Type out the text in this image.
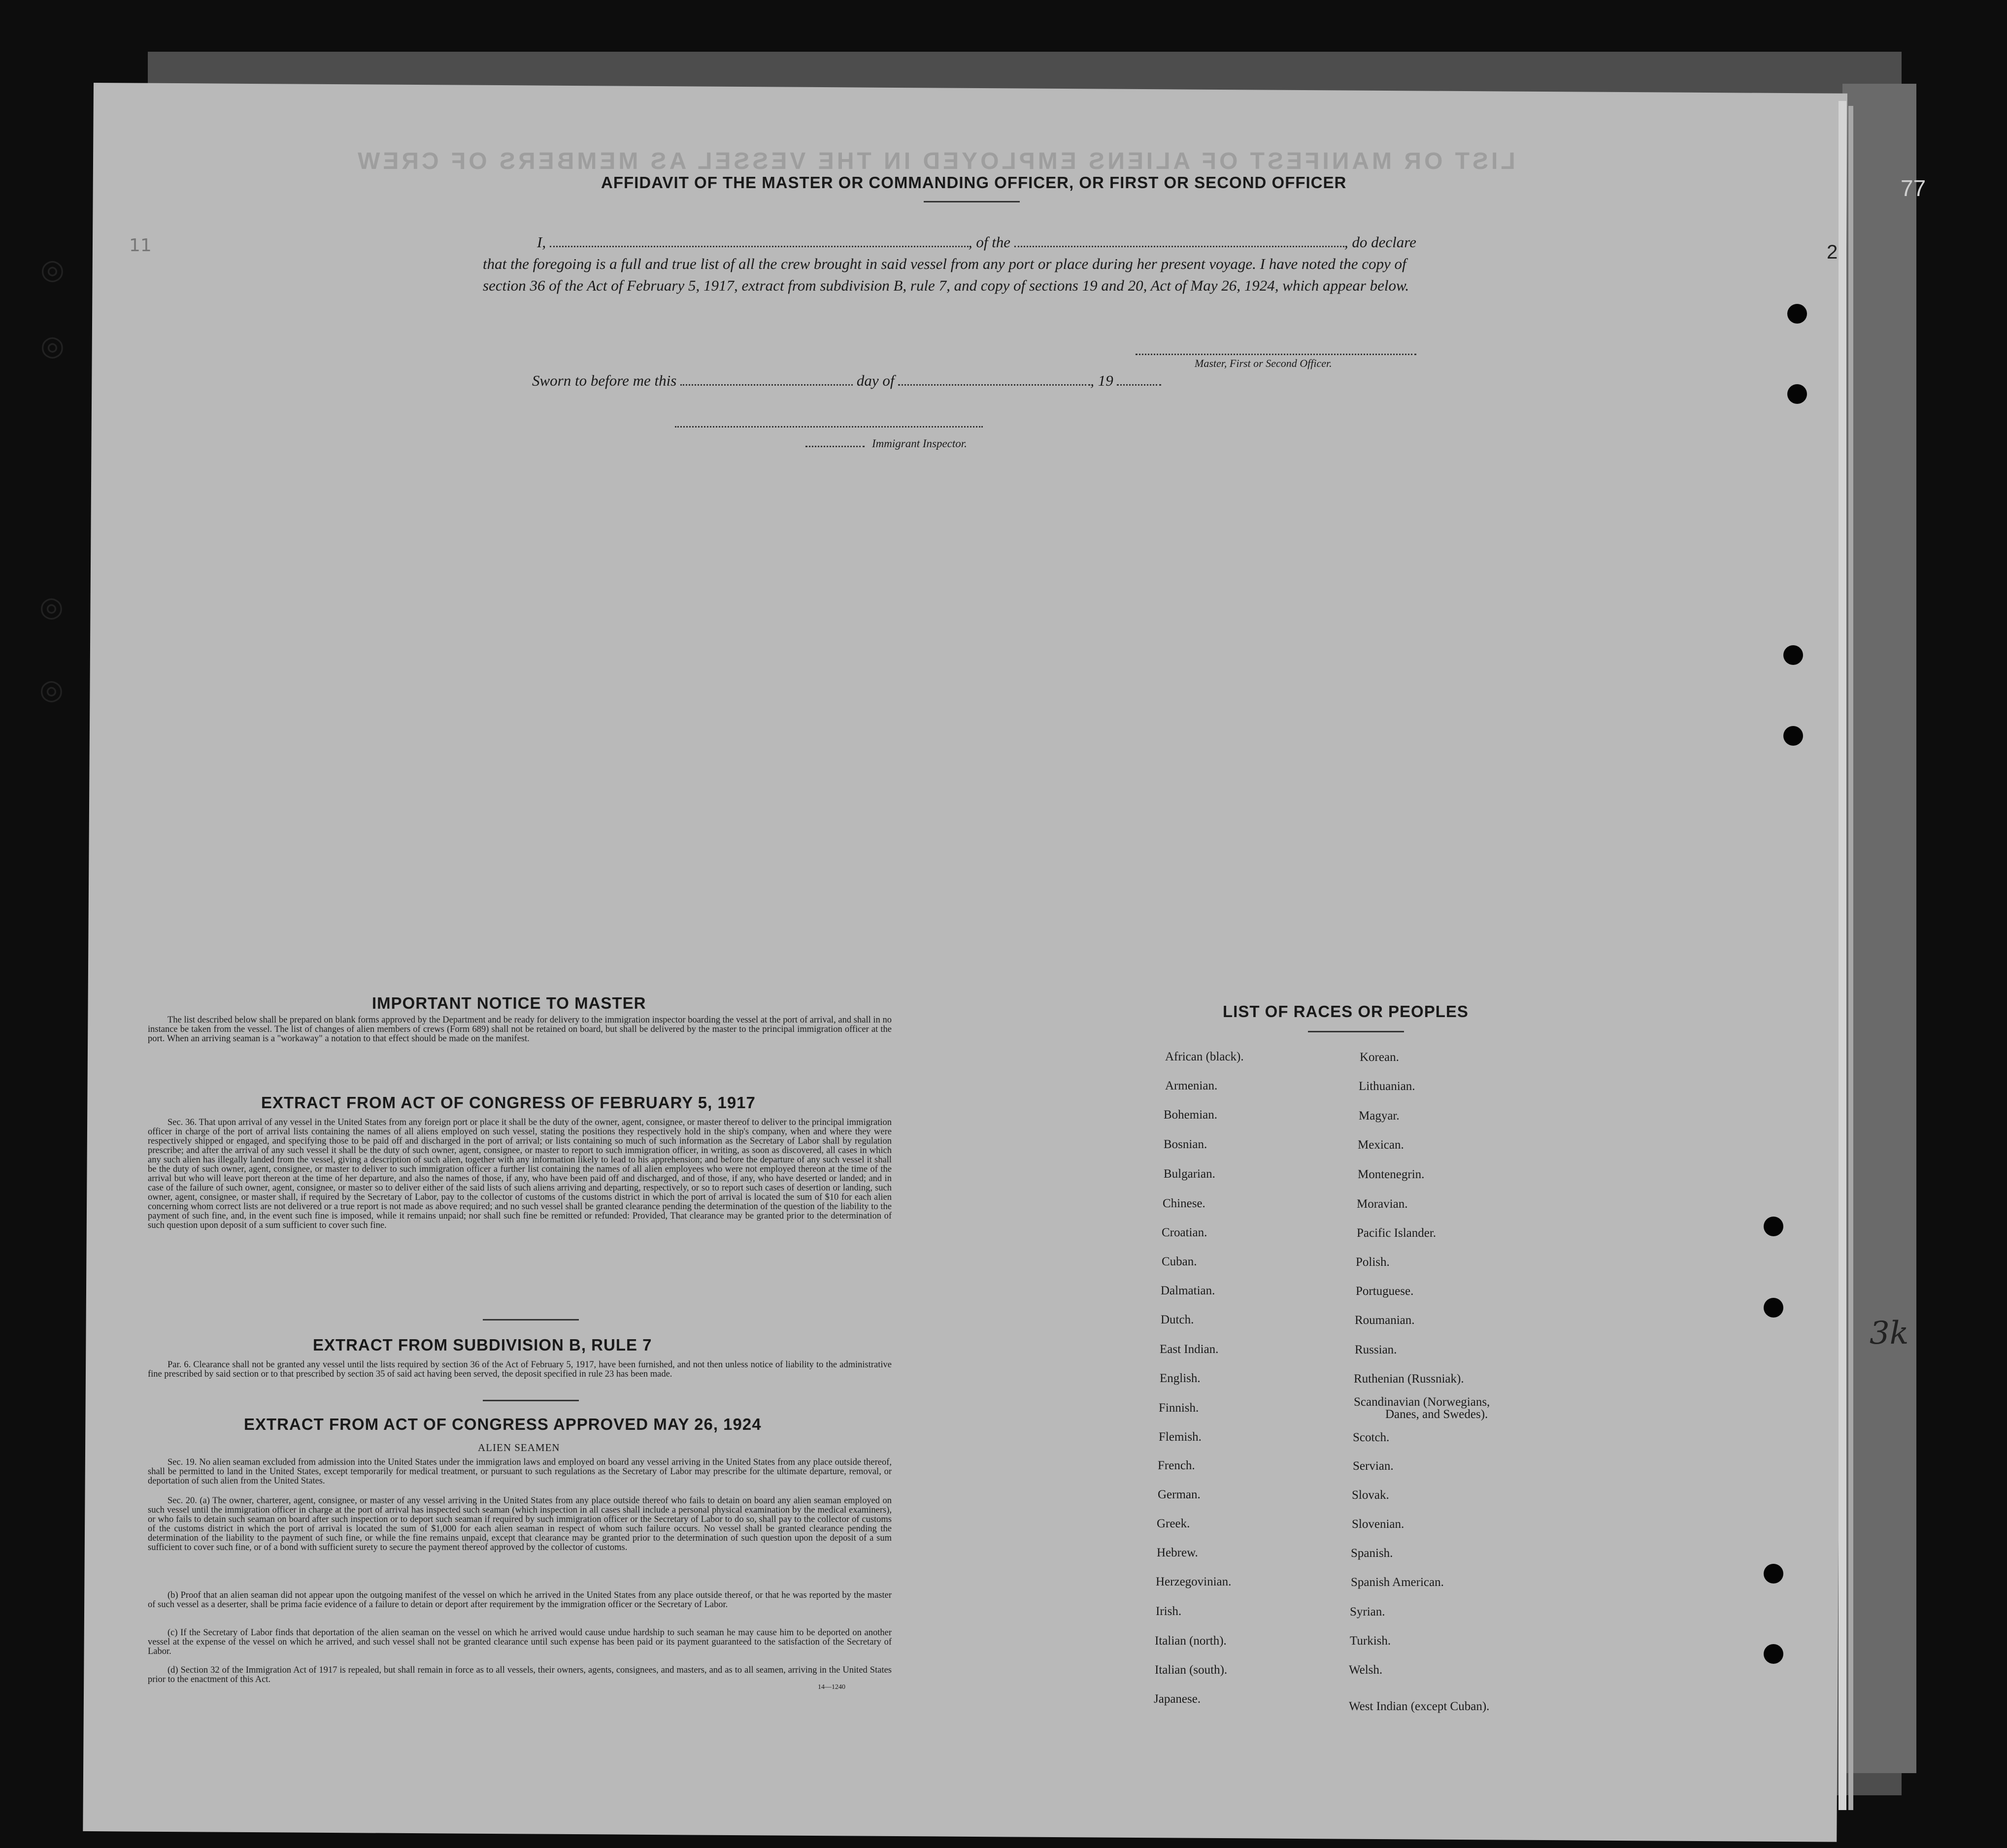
77
2
11
3k
LIST OR MANIFEST OF ALIENS EMPLOYED IN THE VESSEL AS MEMBERS OF CREW
◎
◎
◎
◎
AFFIDAVIT OF THE MASTER OR COMMANDING OFFICER, OR FIRST OR SECOND OFFICER
I,	, of the	, do declare
that the foregoing is a full and true list of all the crew brought in said vessel from any port or place during her present voyage. I have noted the copy of section 36 of the Act of February 5, 1917, extract from subdivision B, rule 7, and copy of sections 19 and 20, Act of May 26, 1924, which appear below.
Master, First or Second Officer.
Sworn to before me this	day of	, 19
Immigrant Inspector.
IMPORTANT NOTICE TO MASTER
The list described below shall be prepared on blank forms approved by the Department and be ready for delivery to the immigration inspector boarding the vessel at the port of arrival, and shall in no instance be taken from the vessel. The list of changes of alien members of crews (Form 689) shall not be retained on board, but shall be delivered by the master to the principal immigration officer at the port. When an arriving seaman is a "workaway" a notation to that effect should be made on the manifest.
EXTRACT FROM ACT OF CONGRESS OF FEBRUARY 5, 1917
Sec. 36. That upon arrival of any vessel in the United States from any foreign port or place it shall be the duty of the owner, agent, consignee, or master thereof to deliver to the principal immigration officer in charge of the port of arrival lists containing the names of all aliens employed on such vessel, stating the positions they respectively hold in the ship's company, when and where they were respectively shipped or engaged, and specifying those to be paid off and discharged in the port of arrival; or lists containing so much of such information as the Secretary of Labor shall by regulation prescribe; and after the arrival of any such vessel it shall be the duty of such owner, agent, consignee, or master to report to such immigration officer, in writing, as soon as discovered, all cases in which any such alien has illegally landed from the vessel, giving a description of such alien, together with any information likely to lead to his apprehension; and before the departure of any such vessel it shall be the duty of such owner, agent, consignee, or master to deliver to such immigration officer a further list containing the names of all alien employees who were not employed thereon at the time of the arrival but who will leave port thereon at the time of her departure, and also the names of those, if any, who have been paid off and discharged, and of those, if any, who have deserted or landed; and in case of the failure of such owner, agent, consignee, or master so to deliver either of the said lists of such aliens arriving and departing, respectively, or so to report such cases of desertion or landing, such owner, agent, consignee, or master shall, if required by the Secretary of Labor, pay to the collector of customs of the customs district in which the port of arrival is located the sum of $10 for each alien concerning whom correct lists are not delivered or a true report is not made as above required; and no such vessel shall be granted clearance pending the determination of the question of the liability to the payment of such fine, and, in the event such fine is imposed, while it remains unpaid; nor shall such fine be remitted or refunded: Provided, That clearance may be granted prior to the determination of such question upon deposit of a sum sufficient to cover such fine.
EXTRACT FROM SUBDIVISION B, RULE 7
Par. 6. Clearance shall not be granted any vessel until the lists required by section 36 of the Act of February 5, 1917, have been furnished, and not then unless notice of liability to the administrative fine prescribed by said section or to that prescribed by section 35 of said act having been served, the deposit specified in rule 23 has been made.
EXTRACT FROM ACT OF CONGRESS APPROVED MAY 26, 1924
ALIEN SEAMEN
Sec. 19. No alien seaman excluded from admission into the United States under the immigration laws and employed on board any vessel arriving in the United States from any place outside thereof, shall be permitted to land in the United States, except temporarily for medical treatment, or pursuant to such regulations as the Secretary of Labor may prescribe for the ultimate departure, removal, or deportation of such alien from the United States.
Sec. 20. (a) The owner, charterer, agent, consignee, or master of any vessel arriving in the United States from any place outside thereof who fails to detain on board any alien seaman employed on such vessel until the immigration officer in charge at the port of arrival has inspected such seaman (which inspection in all cases shall include a personal physical examination by the medical examiners), or who fails to detain such seaman on board after such inspection or to deport such seaman if required by such immigration officer or the Secretary of Labor to do so, shall pay to the collector of customs of the customs district in which the port of arrival is located the sum of $1,000 for each alien seaman in respect of whom such failure occurs. No vessel shall be granted clearance pending the determination of the liability to the payment of such fine, or while the fine remains unpaid, except that clearance may be granted prior to the determination of such question upon the deposit of a sum sufficient to cover such fine, or of a bond with sufficient surety to secure the payment thereof approved by the collector of customs.
(b) Proof that an alien seaman did not appear upon the outgoing manifest of the vessel on which he arrived in the United States from any place outside thereof, or that he was reported by the master of such vessel as a deserter, shall be prima facie evidence of a failure to detain or deport after requirement by the immigration officer or the Secretary of Labor.
(c) If the Secretary of Labor finds that deportation of the alien seaman on the vessel on which he arrived would cause undue hardship to such seaman he may cause him to be deported on another vessel at the expense of the vessel on which he arrived, and such vessel shall not be granted clearance until such expense has been paid or its payment guaranteed to the satisfaction of the Secretary of Labor.
(d) Section 32 of the Immigration Act of 1917 is repealed, but shall remain in force as to all vessels, their owners, agents, consignees, and masters, and as to all seamen, arriving in the United States prior to the enactment of this Act.
14—1240
LIST OF RACES OR PEOPLES
African (black).
Armenian.
Bohemian.
Bosnian.
Bulgarian.
Chinese.
Croatian.
Cuban.
Dalmatian.
Dutch.
East Indian.
English.
Finnish.
Flemish.
French.
German.
Greek.
Hebrew.
Herzegovinian.
Irish.
Italian (north).
Italian (south).
Japanese.
Korean.
Lithuanian.
Magyar.
Mexican.
Montenegrin.
Moravian.
Pacific Islander.
Polish.
Portuguese.
Roumanian.
Russian.
Ruthenian (Russniak).
Scandinavian (Norwegians,
Danes, and Swedes).
Scotch.
Servian.
Slovak.
Slovenian.
Spanish.
Spanish American.
Syrian.
Turkish.
Welsh.
West Indian (except Cuban).
